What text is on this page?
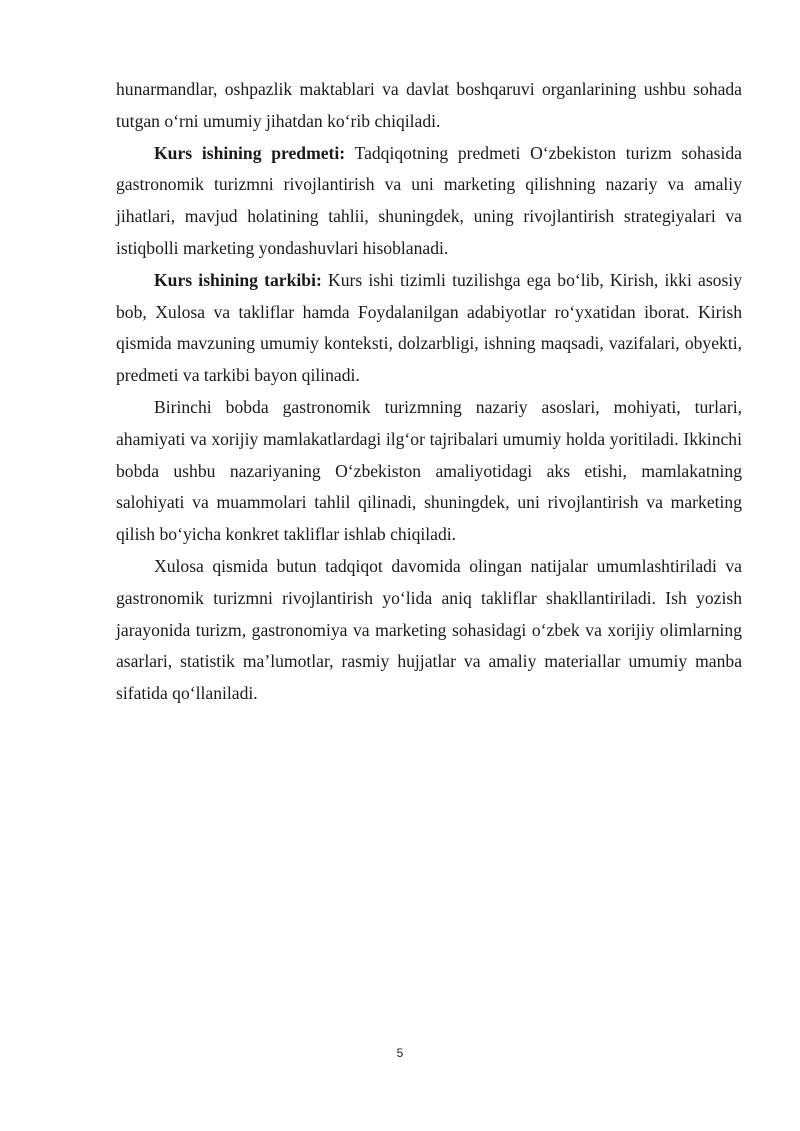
hunarmandlar, oshpazlik maktablari va davlat boshqaruvi organlarining ushbu sohada tutgan o‘rni umumiy jihatdan ko‘rib chiqiladi.

Kurs ishining predmeti: Tadqiqotning predmeti O‘zbekiston turizm sohasida gastronomik turizmni rivojlantirish va uni marketing qilishning nazariy va amaliy jihatlari, mavjud holatining tahlii, shuningdek, uning rivojlantirish strategiyalari va istiqbolli marketing yondashuvlari hisoblanadi.

Kurs ishining tarkibi: Kurs ishi tizimli tuzilishga ega bo‘lib, Kirish, ikki asosiy bob, Xulosa va takliflar hamda Foydalanilgan adabiyotlar ro‘yxatidan iborat. Kirish qismida mavzuning umumiy konteksti, dolzarbligi, ishning maqsadi, vazifalari, obyekti, predmeti va tarkibi bayon qilinadi.

Birinchi bobda gastronomik turizmning nazariy asoslari, mohiyati, turlari, ahamiyati va xorijiy mamlakatlardagi ilg‘or tajribalari umumiy holda yoritiladi. Ikkinchi bobda ushbu nazariyaning O‘zbekiston amaliyotidagi aks etishi, mamlakatning salohiyati va muammolari tahlil qilinadi, shuningdek, uni rivojlantirish va marketing qilish bo‘yicha konkret takliflar ishlab chiqiladi.

Xulosa qismida butun tadqiqot davomida olingan natijalar umumlashtiriladi va gastronomik turizmni rivojlantirish yo‘lida aniq takliflar shakllantiriladi. Ish yozish jarayonida turizm, gastronomiya va marketing sohasidagi o‘zbek va xorijiy olimlarning asarlari, statistik ma’lumotlar, rasmiy hujjatlar va amaliy materiallar umumiy manba sifatida qo‘llaniladi.

5
